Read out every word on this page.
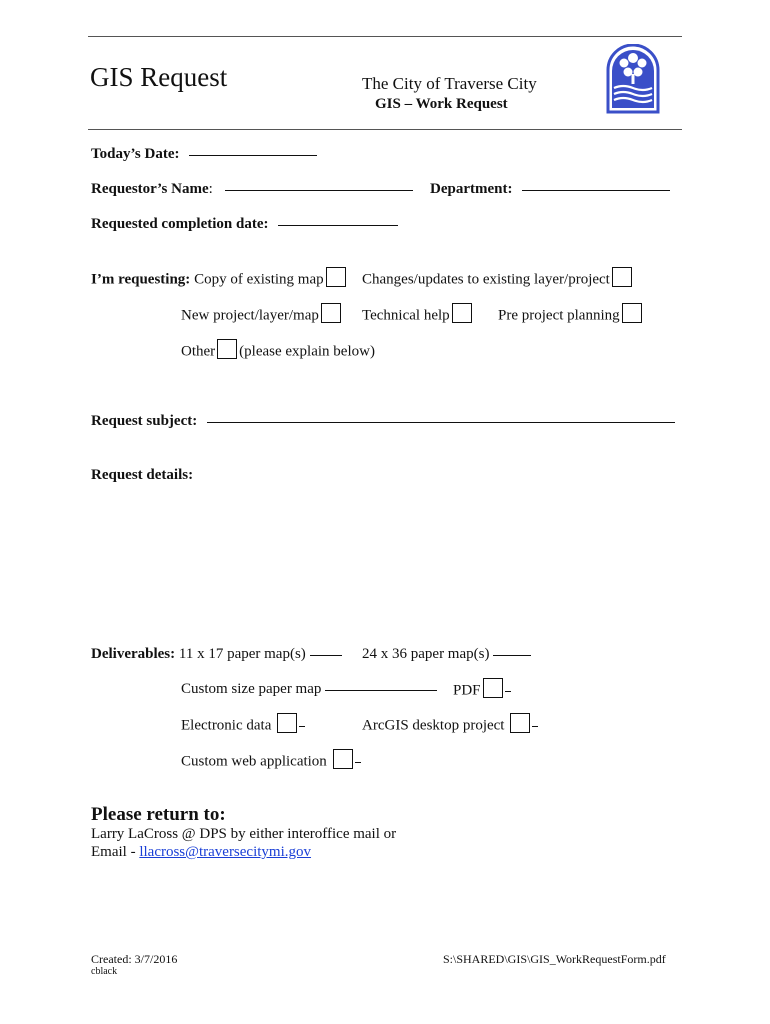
GIS Request	The City of Traverse City
GIS – Work Request
Today’s Date:
Requestor’s Name:	Department:
Requested completion date:
I’m requesting: Copy of existing map	Changes/updates to existing layer/project
New project/layer/map	Technical help	Pre project planning
Other (please explain below)
Request subject:
Request details:
Deliverables: 11 x 17 paper map(s)	24 x 36 paper map(s)
Custom size paper map	PDF
Electronic data	ArcGIS desktop project
Custom web application
Please return to:
Larry LaCross @ DPS by either interoffice mail or
Email - llacross@traversecitymi.gov
Created: 3/7/2016
cblack
S:\SHARED\GIS\GIS_WorkRequestForm.pdf
